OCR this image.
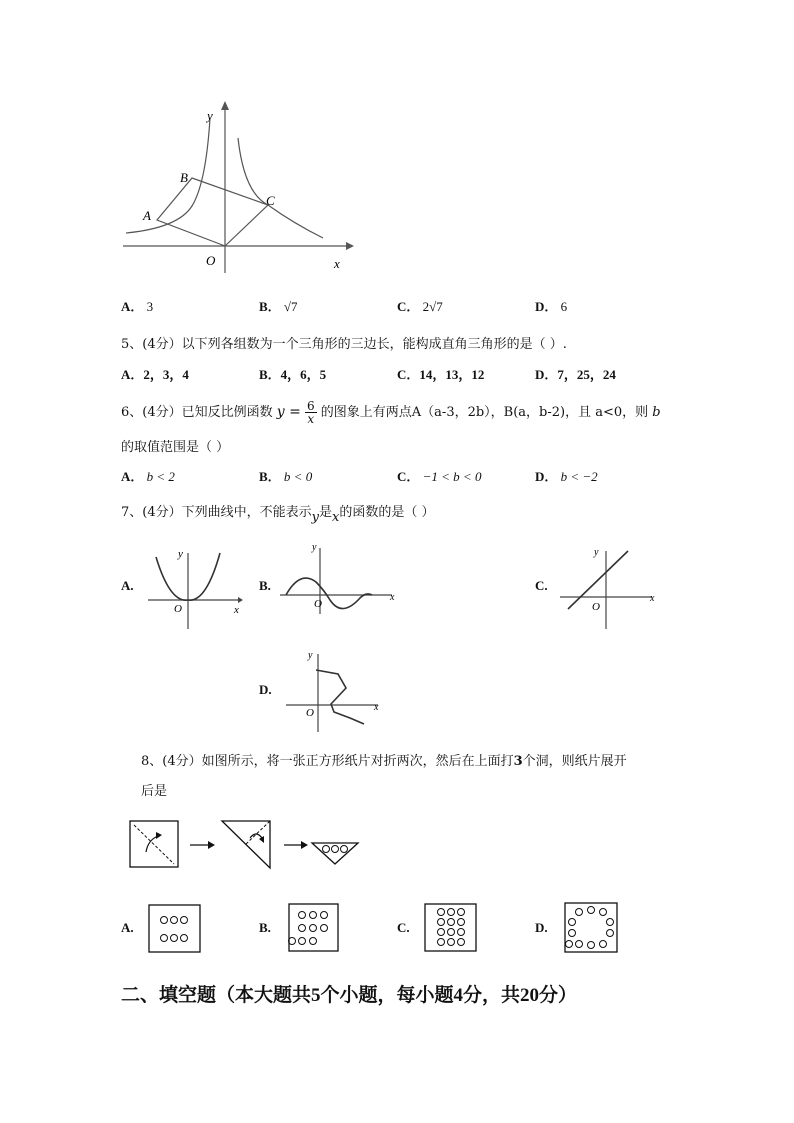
y
x
O
A
B
C
A． 3	B． √7	C． 2√7	D． 6
5、(4分）以下列各组数为一个三角形的三边长，能构成直角三角形的是（ ）.
A．2，3，4	B．4，6，5	C．14，13，12	D．7，25，24
6、(4分）已知反比例函数 $y = \frac{6}{x}$ 的图象上有两点A（a-3，2b），B(a，b-2)，且 a<0，则 b
的取值范围是（ ）
A． b < 2	B． b < 0	C． −1 < b < 0	D． b < −2
7、(4分）下列曲线中，不能表示y是x的函数的是（ ）
A.
y
x
O
B.
y
x
O
C.
y
x
O
D.
y
x
O
8、(4分）如图所示，将一张正方形纸片对折两次，然后在上面打3个洞，则纸片展开
后是
A.	B.	C.	D.
二、填空题（本大题共5个小题，每小题4分，共20分）
